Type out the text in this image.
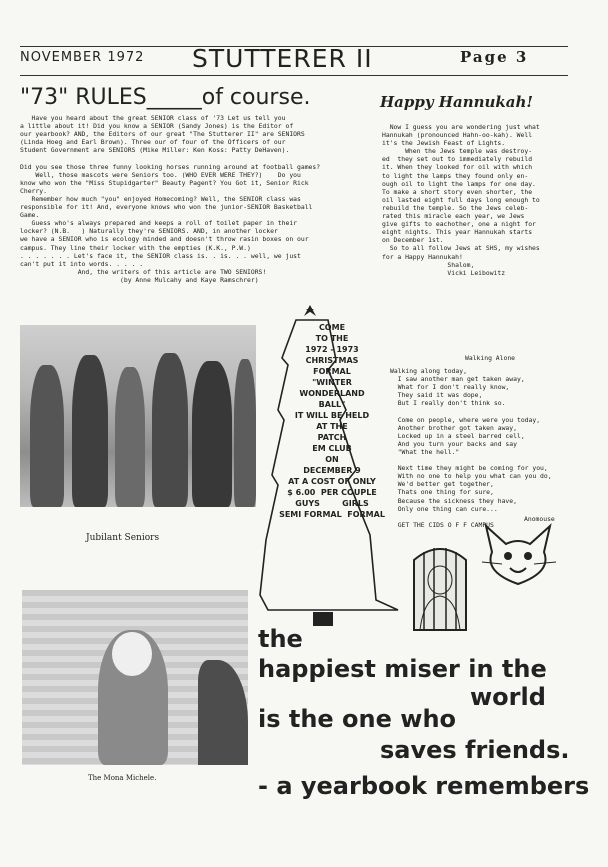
NOVEMBER 1972 STUTTERER II	Page 3
"73" RULES_____of course.
Have you heard about the great SENIOR class of '73 Let us tell you
a little about it! Did you know a SENIOR (Sandy Jones) is the Editor of
our yearbook? AND, the Editors of our great "The Stutterer II" are SENIORS
(Linda Hoeg and Earl Brown). Three our of four of the Officers of our
Student Government are SENIORS (Mike Miller: Ken Koss: Patty DeHaven).

Did you see those three funny looking horses running around at football games?
Well, those mascots were Seniors too. (WHO EVER WERE THEY?)    Do you
know who won the "Miss Stupidgarter" Beauty Pagent? You Got it, Senior Rick
Cherry.
Remember how much "you" enjoyed Homecoming? Well, the SENIOR class was
responsible for it! And, everyone knows who won the junior-SENIOR Basketball
Game.
Guess who's always prepared and keeps a roll of toilet paper in their
locker? (N.B.   ) Naturally they're SENIORS. AND, in another locker
we have a SENIOR who is ecology minded and doesn't throw rasin boxes on our
campus. They line their locker with the empties (K.K., P.W.)
. . . . . . . Let's face it, the SENIOR class is. . is. . . well, we just
can't put it into words. . . . .
And, the writers of this article are TWO SENIORS!
(by Anne Mulcahy and Kaye Ramschrer)
Happy Hannukah!
Now I guess you are wondering just what
Hannukah (pronounced Hahn-oo-kah). Well
it's the Jewish Feast of Lights.
When the Jews temple was destroy-
ed  they set out to immediately rebuild
it. When they looked for oil with which
to light the lamps they found only en-
ough oil to light the lamps for one day.
To make a short story even shorter, the
oil lasted eight full days long enough to
rebuild the temple. So the Jews celeb-
rated this miracle each year, we Jews
give gifts to eachother, one a night for
eight nights. This year Hannukah starts
on December 1st.
So to all follow Jews at SHS, my wishes
for a Happy Hannukah!
Shalom,
Vicki Leibowitz
Jubilant Seniors
COME
TO THE
1972 - 1973
CHRISTMAS
FORMAL
"WINTER
WONDERLAND
BALL"
IT WILL BE HELD
AT THE
PATCH
EM CLUB
ON
DECEMBER 9
AT A COST OF ONLY
$ 6.00  PER COUPLE
GUYS        GIRLS
SEMI FORMAL  FORMAL
Walking Alone
Walking along today,
I saw another man get taken away,
What for I don't really know,
They said it was dope,
But I really don't think so.

Come on people, where were you today,
Another brother got taken away,
Locked up in a steel barred cell,
And you turn your backs and say
"What the hell."

Next time they might be coming for you,
With no one to help you what can you do,
We'd better get together,
Thats one thing for sure,
Because the sickness they have,
Only one thing can cure...

GET THE CIDS O F F CAMPUS
Anomouse
The Mona Michele.
the
happiest miser in the
world
is the one who
saves friends.
- a yearbook remembers
